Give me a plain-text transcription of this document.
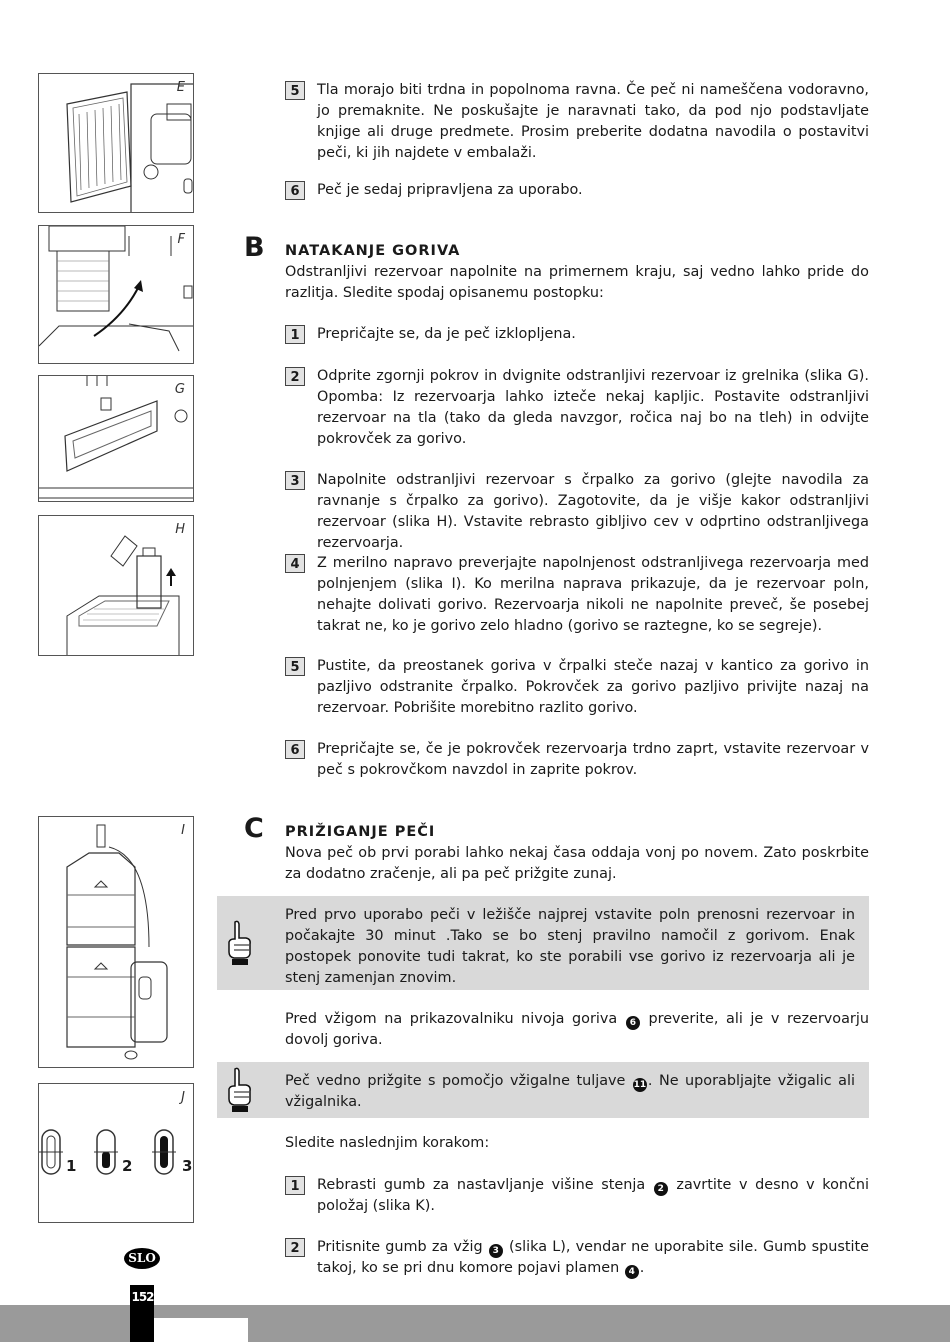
E
F
G
H
I
1	2	3
J
5	Tla morajo biti trdna in popolnoma ravna. Če peč ni nameščena vodoravno, jo premaknite. Ne poskušajte je naravnati tako, da pod njo podstavljate knjige ali druge predmete. Prosim preberite dodatna navodila o postavitvi peči, ki jih najdete v embalaži.
6	Peč je sedaj pripravljena za uporabo.
B NATAKANJE GORIVA
Odstranljivi rezervoar napolnite na primernem kraju, saj vedno lahko pride do razlitja. Sledite spodaj opisanemu postopku:
1	Prepričajte se, da je peč izklopljena.
2	Odprite zgornji pokrov in dvignite odstranljivi rezervoar iz grelnika (slika G). Opomba: Iz rezervoarja lahko izteče nekaj kapljic. Postavite odstranljivi rezervoar na tla (tako da gleda navzgor, ročica naj bo na tleh) in odvijte pokrovček za gorivo.
3	Napolnite odstranljivi rezervoar s črpalko za gorivo (glejte navodila za ravnanje s črpalko za gorivo). Zagotovite, da je višje kakor odstranljivi rezervoar (slika H). Vstavite rebrasto gibljivo cev v odprtino odstranljivega rezervoarja.
4	Z merilno napravo preverjajte napolnjenost odstranljivega rezervoarja med polnjenjem (slika I). Ko merilna naprava prikazuje, da je rezervoar poln, nehajte dolivati gorivo. Rezervoarja nikoli ne napolnite preveč, še posebej takrat ne, ko je gorivo zelo hladno (gorivo se raztegne, ko se segreje).
5	Pustite, da preostanek goriva v črpalki steče nazaj v kantico za gorivo in pazljivo odstranite črpalko. Pokrovček za gorivo pazljivo privijte nazaj na rezervoar. Pobrišite morebitno razlito gorivo.
6	Prepričajte se, če je pokrovček rezervoarja trdno zaprt, vstavite rezervoar v peč s pokrovčkom navzdol in zaprite pokrov.
C PRIŽIGANJE PEČI
Nova peč ob prvi porabi lahko nekaj časa oddaja vonj po novem. Zato poskrbite za dodatno zračenje, ali pa peč prižgite zunaj.
Pred prvo uporabo peči v ležišče najprej vstavite poln prenosni rezervoar in počakajte 30 minut .Tako se bo stenj pravilno namočil z gorivom. Enak postopek ponovite tudi takrat, ko ste porabili vse gorivo iz rezervoarja ali je stenj zamenjan znovim.
Pred vžigom na prikazovalniku nivoja goriva 6 preverite, ali je v rezervoarju dovolj goriva.
Peč vedno prižgite s pomočjo vžigalne tuljave 11 . Ne uporabljajte vžigalic ali vžigalnika.
Sledite naslednjim korakom:
1	Rebrasti gumb za nastavljanje višine stenja 2 zavrtite v desno v končni položaj (slika K).
2	Pritisnite gumb za vžig 3 (slika L), vendar ne uporabite sile. Gumb spustite takoj, ko se pri dnu komore pojavi plamen 4 .
SLO
152
